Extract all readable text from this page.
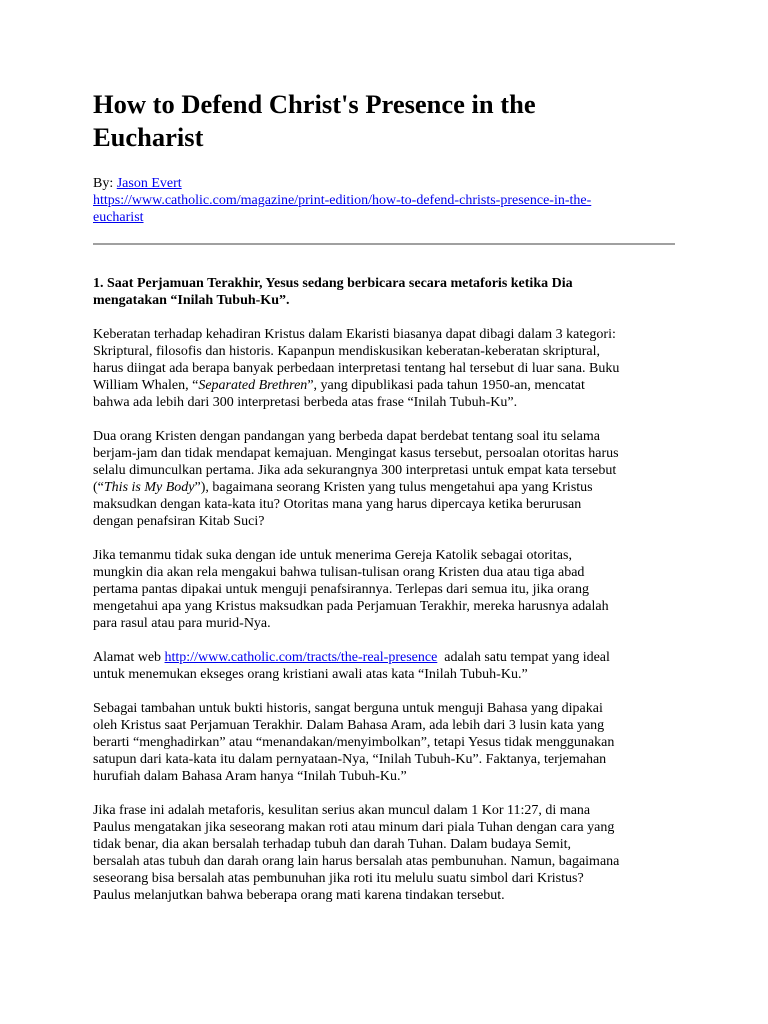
How to Defend Christ's Presence in the
Eucharist
By: Jason Evert
https://www.catholic.com/magazine/print-edition/how-to-defend-christs-presence-in-the-
eucharist
1. Saat Perjamuan Terakhir, Yesus sedang berbicara secara metaforis ketika Dia
mengatakan “Inilah Tubuh-Ku”.

Keberatan terhadap kehadiran Kristus dalam Ekaristi biasanya dapat dibagi dalam 3 kategori:
Skriptural, filosofis dan historis. Kapanpun mendiskusikan keberatan-keberatan skriptural,
harus diingat ada berapa banyak perbedaan interpretasi tentang hal tersebut di luar sana. Buku
William Whalen, “Separated Brethren”, yang dipublikasi pada tahun 1950-an, mencatat
bahwa ada lebih dari 300 interpretasi berbeda atas frase “Inilah Tubuh-Ku”.

Dua orang Kristen dengan pandangan yang berbeda dapat berdebat tentang soal itu selama
berjam-jam dan tidak mendapat kemajuan. Mengingat kasus tersebut, persoalan otoritas harus
selalu dimunculkan pertama. Jika ada sekurangnya 300 interpretasi untuk empat kata tersebut
(“This is My Body”), bagaimana seorang Kristen yang tulus mengetahui apa yang Kristus
maksudkan dengan kata-kata itu? Otoritas mana yang harus dipercaya ketika berurusan
dengan penafsiran Kitab Suci?

Jika temanmu tidak suka dengan ide untuk menerima Gereja Katolik sebagai otoritas,
mungkin dia akan rela mengakui bahwa tulisan-tulisan orang Kristen dua atau tiga abad
pertama pantas dipakai untuk menguji penafsirannya. Terlepas dari semua itu, jika orang
mengetahui apa yang Kristus maksudkan pada Perjamuan Terakhir, mereka harusnya adalah
para rasul atau para murid-Nya.

Alamat web http://www.catholic.com/tracts/the-real-presence  adalah satu tempat yang ideal
untuk menemukan ekseges orang kristiani awali atas kata “Inilah Tubuh-Ku.”

Sebagai tambahan untuk bukti historis, sangat berguna untuk menguji Bahasa yang dipakai
oleh Kristus saat Perjamuan Terakhir. Dalam Bahasa Aram, ada lebih dari 3 lusin kata yang
berarti “menghadirkan” atau “menandakan/menyimbolkan”, tetapi Yesus tidak menggunakan
satupun dari kata-kata itu dalam pernyataan-Nya, “Inilah Tubuh-Ku”. Faktanya, terjemahan
hurufiah dalam Bahasa Aram hanya “Inilah Tubuh-Ku.”

Jika frase ini adalah metaforis, kesulitan serius akan muncul dalam 1 Kor 11:27, di mana
Paulus mengatakan jika seseorang makan roti atau minum dari piala Tuhan dengan cara yang
tidak benar, dia akan bersalah terhadap tubuh dan darah Tuhan. Dalam budaya Semit,
bersalah atas tubuh dan darah orang lain harus bersalah atas pembunuhan. Namun, bagaimana
seseorang bisa bersalah atas pembunuhan jika roti itu melulu suatu simbol dari Kristus?
Paulus melanjutkan bahwa beberapa orang mati karena tindakan tersebut.
